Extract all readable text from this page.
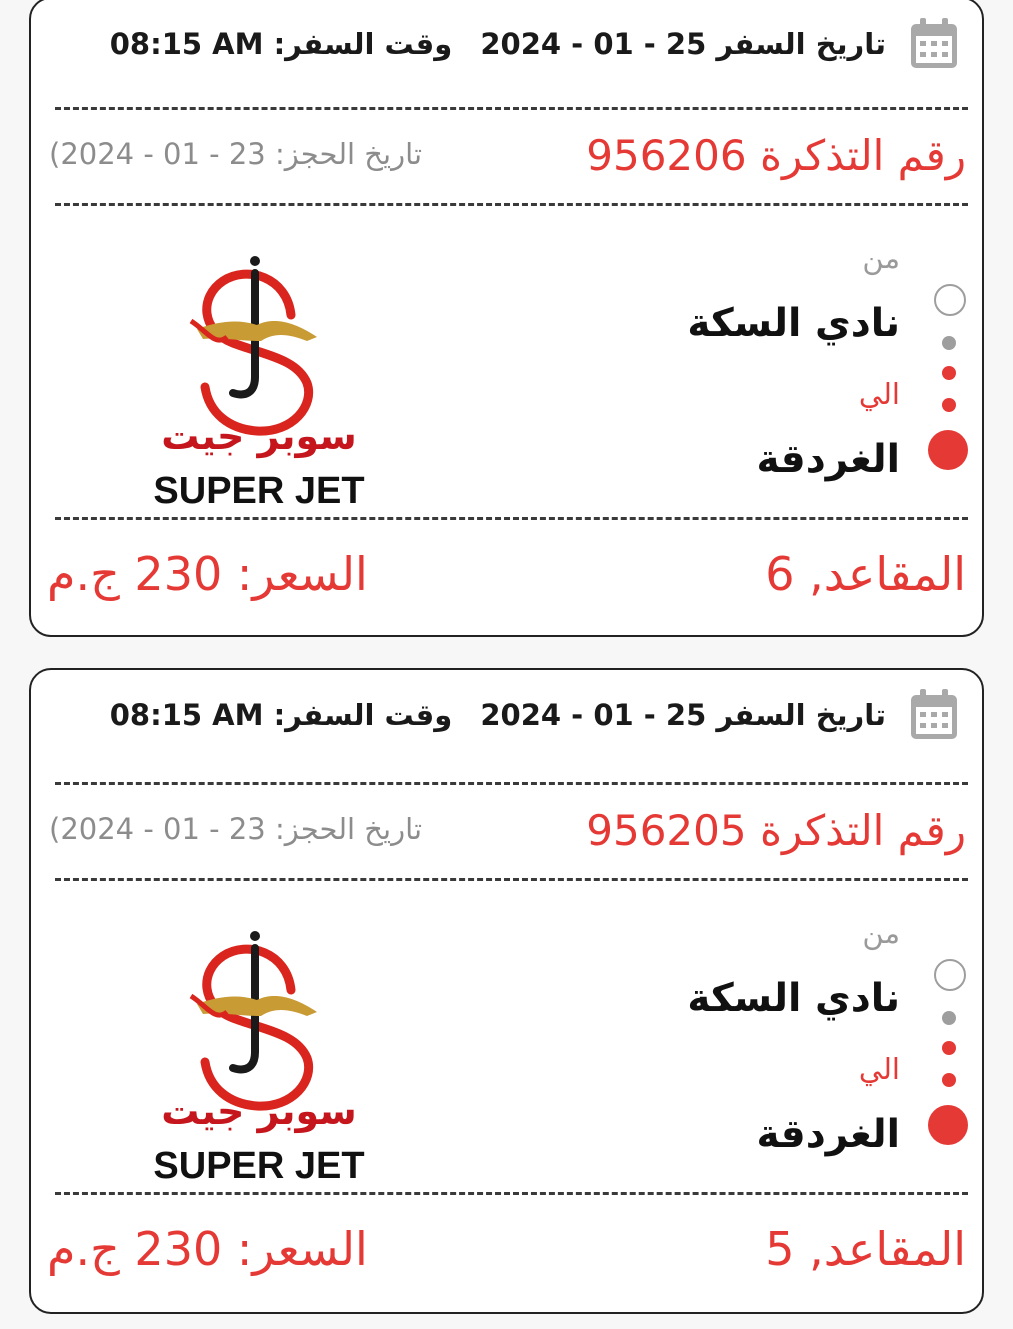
تاريخ السفر 25 - 01 - 2024 وقت السفر: 08:15 AM
رقم التذكرة 956206
تاريخ الحجز: 23 - 01 - 2024)
من
نادي السكة
الي
الغردقة
سوبر جيت
SUPER JET
المقاعد, 6
السعر: 230 ج.م
تاريخ السفر 25 - 01 - 2024 وقت السفر: 08:15 AM
رقم التذكرة 956205
تاريخ الحجز: 23 - 01 - 2024)
من
نادي السكة
الي
الغردقة
سوبر جيت
SUPER JET
المقاعد, 5
السعر: 230 ج.م
